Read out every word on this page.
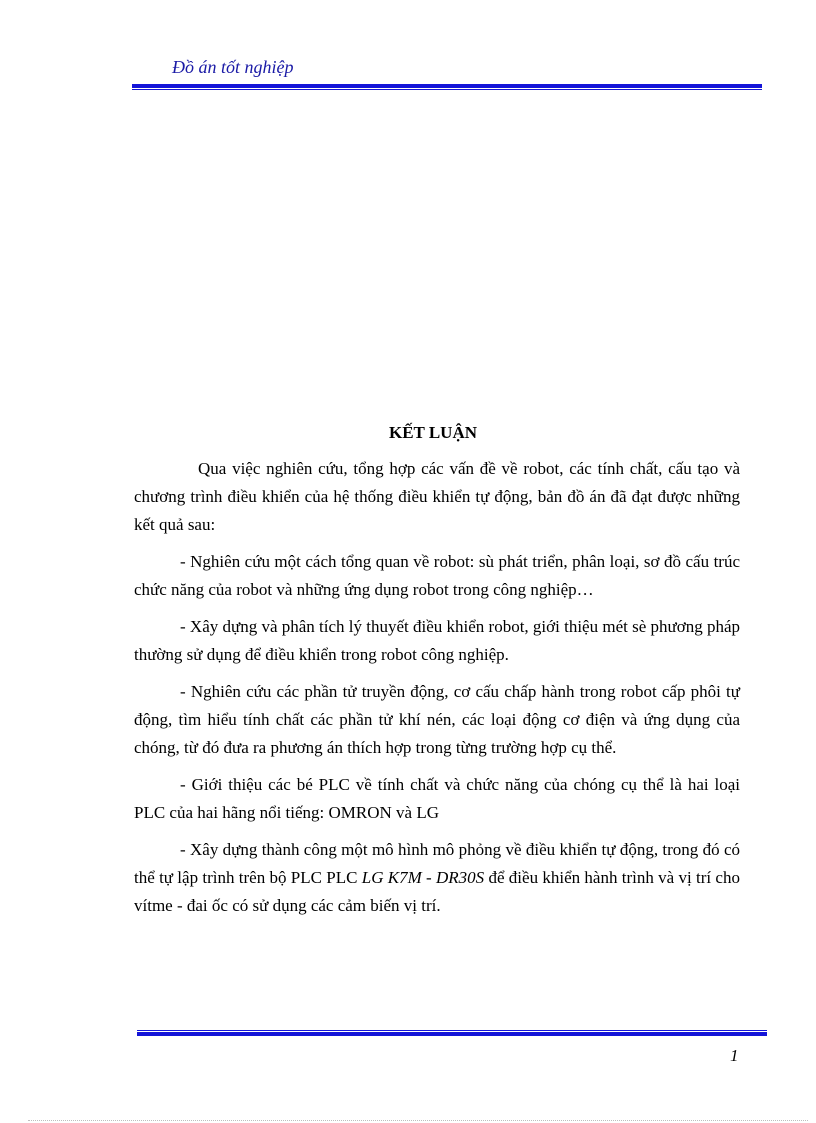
Đồ án tốt nghiệp
KẾT LUẬN

Qua việc nghiên cứu, tổng hợp các vấn đề về robot, các tính chất, cấu tạo và chương trình điều khiển của hệ thống điều khiển tự động, bản đồ án đã đạt được những kết quả sau:

- Nghiên cứu một cách tổng quan về robot: sù phát triển, phân loại, sơ đồ cấu trúc chức năng của robot và những ứng dụng robot trong công nghiệp…

- Xây dựng và phân tích lý thuyết điều khiển robot, giới thiệu mét sè phương pháp thường sử dụng để điều khiển trong robot công nghiệp.

- Nghiên cứu các phần tử truyền động, cơ cấu chấp hành trong robot cấp phôi tự động, tìm hiểu tính chất các phần tử khí nén, các loại động cơ điện và ứng dụng của chóng, từ đó đưa ra phương án thích hợp trong từng trường hợp cụ thể.

- Giới thiệu các bé PLC về tính chất và chức năng của chóng cụ thể là hai loại PLC của hai hãng nổi tiếng: OMRON và LG

- Xây dựng thành công một mô hình mô phỏng về điều khiển tự động, trong đó có thể tự lập trình trên bộ PLC PLC LG K7M - DR30S để điều khiển hành trình và vị trí cho vítme - đai ốc có sử dụng các cảm biến vị trí.

1
